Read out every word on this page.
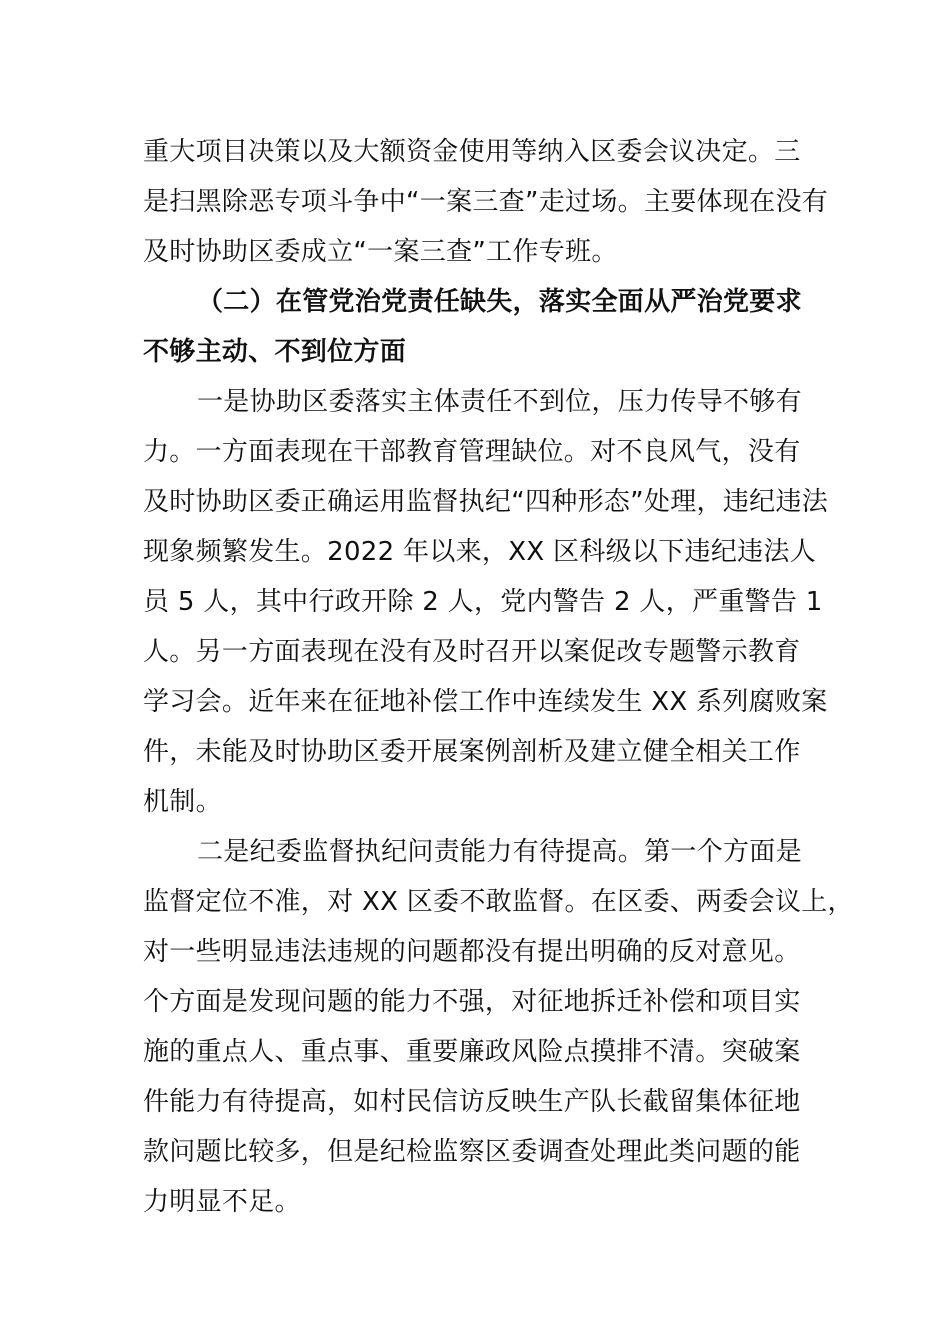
重大项目决策以及大额资金使用等纳入区委会议决定。三
是扫黑除恶专项斗争中“一案三查”走过场。主要体现在没有
及时协助区委成立“一案三查”工作专班。
（二）在管党治党责任缺失，落实全面从严治党要求
不够主动、不到位方面
一是协助区委落实主体责任不到位，压力传导不够有
力。一方面表现在干部教育管理缺位。对不良风气，没有
及时协助区委正确运用监督执纪“四种形态”处理，违纪违法
现象频繁发生。2022 年以来，XX 区科级以下违纪违法人
员 5 人，其中行政开除 2 人，党内警告 2 人，严重警告 1
人。另一方面表现在没有及时召开以案促改专题警示教育
学习会。近年来在征地补偿工作中连续发生 XX 系列腐败案
件，未能及时协助区委开展案例剖析及建立健全相关工作
机制。
二是纪委监督执纪问责能力有待提高。第一个方面是
监督定位不准，对 XX 区委不敢监督。在区委、两委会议上，
对一些明显违法违规的问题都没有提出明确的反对意见。
个方面是发现问题的能力不强，对征地拆迁补偿和项目实
施的重点人、重点事、重要廉政风险点摸排不清。突破案
件能力有待提高，如村民信访反映生产队长截留集体征地
款问题比较多，但是纪检监察区委调查处理此类问题的能
力明显不足。
